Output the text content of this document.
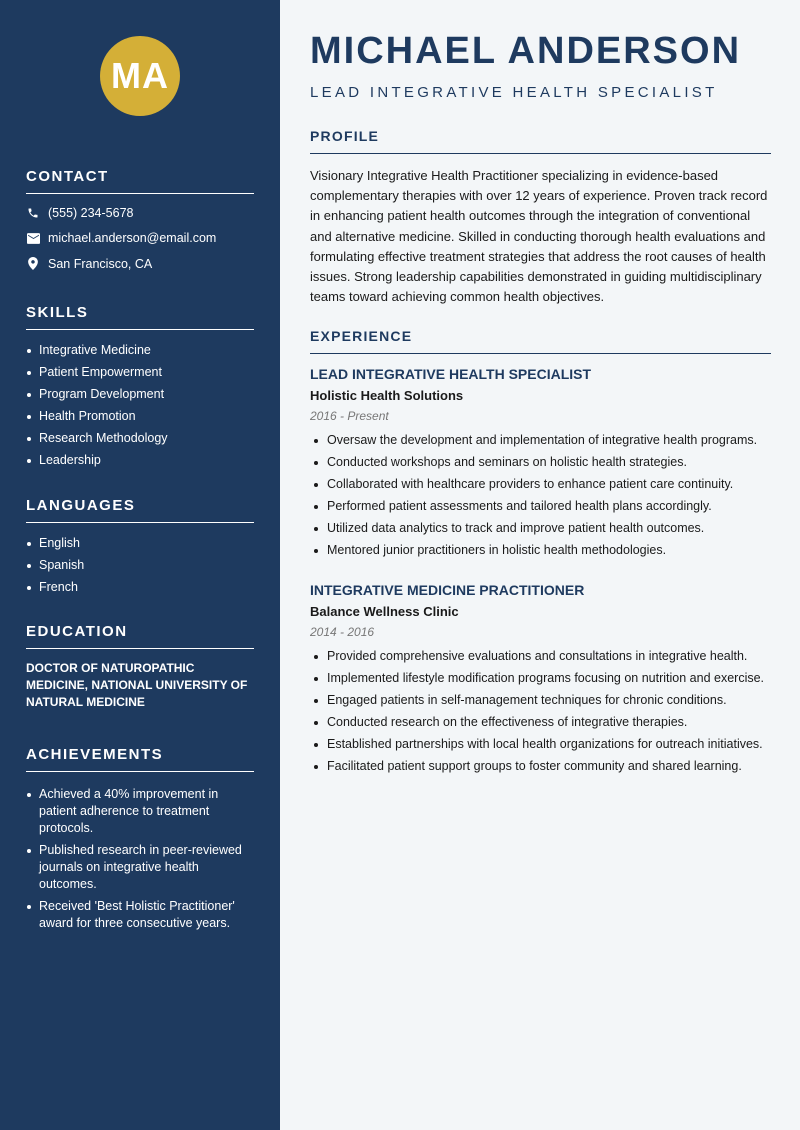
MA
CONTACT
(555) 234-5678
michael.anderson@email.com
San Francisco, CA
SKILLS
Integrative Medicine
Patient Empowerment
Program Development
Health Promotion
Research Methodology
Leadership
LANGUAGES
English
Spanish
French
EDUCATION
DOCTOR OF NATUROPATHIC MEDICINE, NATIONAL UNIVERSITY OF NATURAL MEDICINE
ACHIEVEMENTS
Achieved a 40% improvement in patient adherence to treatment protocols.
Published research in peer-reviewed journals on integrative health outcomes.
Received 'Best Holistic Practitioner' award for three consecutive years.
MICHAEL ANDERSON
LEAD INTEGRATIVE HEALTH SPECIALIST
PROFILE

Visionary Integrative Health Practitioner specializing in evidence-based complementary therapies with over 12 years of experience. Proven track record in enhancing patient health outcomes through the integration of conventional and alternative medicine. Skilled in conducting thorough health evaluations and formulating effective treatment strategies that address the root causes of health issues. Strong leadership capabilities demonstrated in guiding multidisciplinary teams toward achieving common health objectives.

EXPERIENCE
LEAD INTEGRATIVE HEALTH SPECIALIST
Holistic Health Solutions
2016 - Present
Oversaw the development and implementation of integrative health programs.
Conducted workshops and seminars on holistic health strategies.
Collaborated with healthcare providers to enhance patient care continuity.
Performed patient assessments and tailored health plans accordingly.
Utilized data analytics to track and improve patient health outcomes.
Mentored junior practitioners in holistic health methodologies.
INTEGRATIVE MEDICINE PRACTITIONER
Balance Wellness Clinic
2014 - 2016
Provided comprehensive evaluations and consultations in integrative health.
Implemented lifestyle modification programs focusing on nutrition and exercise.
Engaged patients in self-management techniques for chronic conditions.
Conducted research on the effectiveness of integrative therapies.
Established partnerships with local health organizations for outreach initiatives.
Facilitated patient support groups to foster community and shared learning.
